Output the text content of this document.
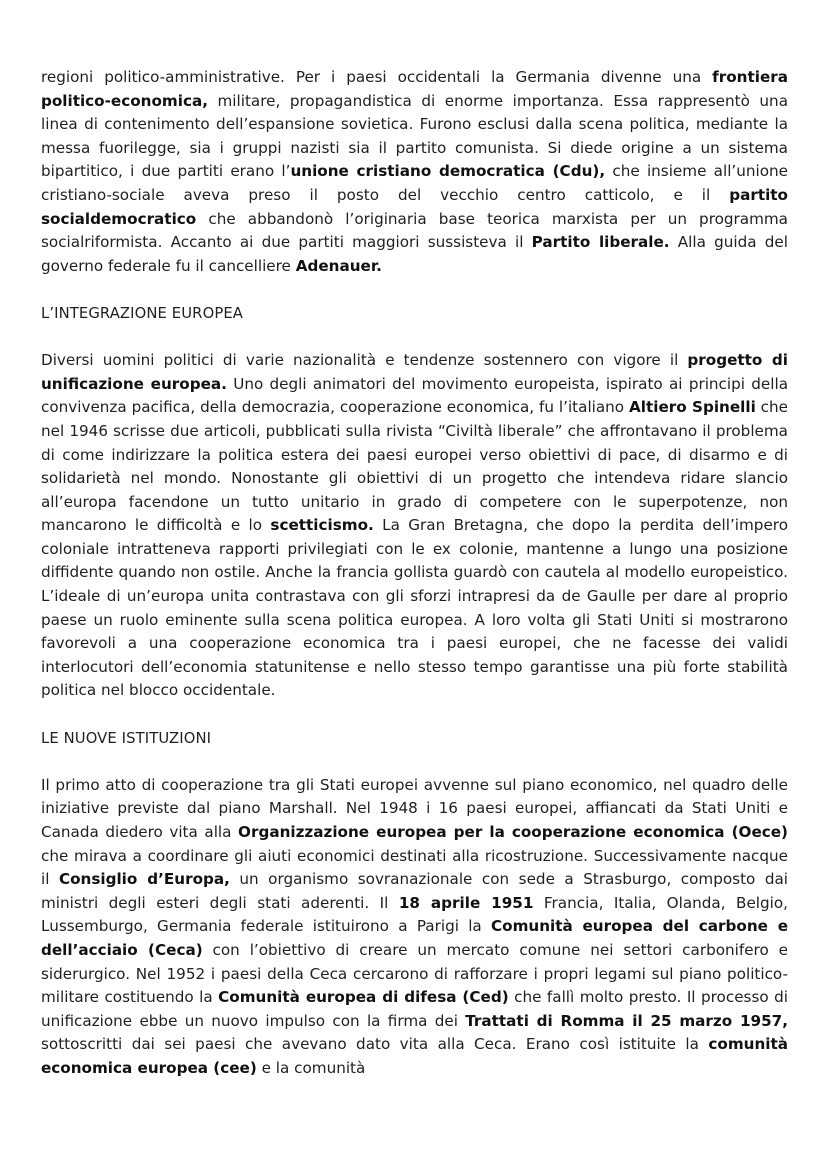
regioni politico-amministrative. Per i paesi occidentali la Germania divenne una frontiera politico-economica, militare, propagandistica di enorme importanza. Essa rappresentò una linea di contenimento dell’espansione sovietica. Furono esclusi dalla scena politica, mediante la messa fuorilegge, sia i gruppi nazisti sia il partito comunista. Si diede origine a un sistema bipartitico, i due partiti erano l’unione cristiano democratica (Cdu), che insieme all’unione cristiano-sociale aveva preso il posto del vecchio centro catticolo, e il partito socialdemocratico che abbandonò l’originaria base teorica marxista per un programma socialriformista. Accanto ai due partiti maggiori sussisteva il Partito liberale. Alla guida del governo federale fu il cancelliere Adenauer.

L’INTEGRAZIONE EUROPEA

Diversi uomini politici di varie nazionalità e tendenze sostennero con vigore il progetto di unificazione europea. Uno degli animatori del movimento europeista, ispirato ai principi della convivenza pacifica, della democrazia, cooperazione economica, fu l’italiano Altiero Spinelli che nel 1946 scrisse due articoli, pubblicati sulla rivista “Civiltà liberale” che affrontavano il problema di come indirizzare la politica estera dei paesi europei verso obiettivi di pace, di disarmo e di solidarietà nel mondo. Nonostante gli obiettivi di un progetto che intendeva ridare slancio all’europa facendone un tutto unitario in grado di competere con le superpotenze, non mancarono le difficoltà e lo scetticismo. La Gran Bretagna, che dopo la perdita dell’impero coloniale intratteneva rapporti privilegiati con le ex colonie, mantenne a lungo una posizione diffidente quando non ostile. Anche la francia gollista guardò con cautela al modello europeistico. L’ideale di un’europa unita contrastava con gli sforzi intrapresi da de Gaulle per dare al proprio paese un ruolo eminente sulla scena politica europea. A loro volta gli Stati Uniti si mostrarono favorevoli a una cooperazione economica tra i paesi europei, che ne facesse dei validi interlocutori dell’economia statunitense e nello stesso tempo garantisse una più forte stabilità politica nel blocco occidentale.

LE NUOVE ISTITUZIONI

Il primo atto di cooperazione tra gli Stati europei avvenne sul piano economico, nel quadro delle iniziative previste dal piano Marshall. Nel 1948 i 16 paesi europei, affiancati da Stati Uniti e Canada diedero vita alla Organizzazione europea per la cooperazione economica (Oece) che mirava a coordinare gli aiuti economici destinati alla ricostruzione. Successivamente nacque il Consiglio d’Europa, un organismo sovranazionale con sede a Strasburgo, composto dai ministri degli esteri degli stati aderenti. Il 18 aprile 1951 Francia, Italia, Olanda, Belgio, Lussemburgo, Germania federale istituirono a Parigi la Comunità europea del carbone e dell’acciaio (Ceca) con l’obiettivo di creare un mercato comune nei settori carbonifero e siderurgico. Nel 1952 i paesi della Ceca cercarono di rafforzare i propri legami sul piano politico-militare costituendo la Comunità europea di difesa (Ced) che fallì molto presto. Il processo di unificazione ebbe un nuovo impulso con la firma dei Trattati di Romma il 25 marzo 1957, sottoscritti dai sei paesi che avevano dato vita alla Ceca. Erano così istituite la comunità economica europea (cee) e la comunità
